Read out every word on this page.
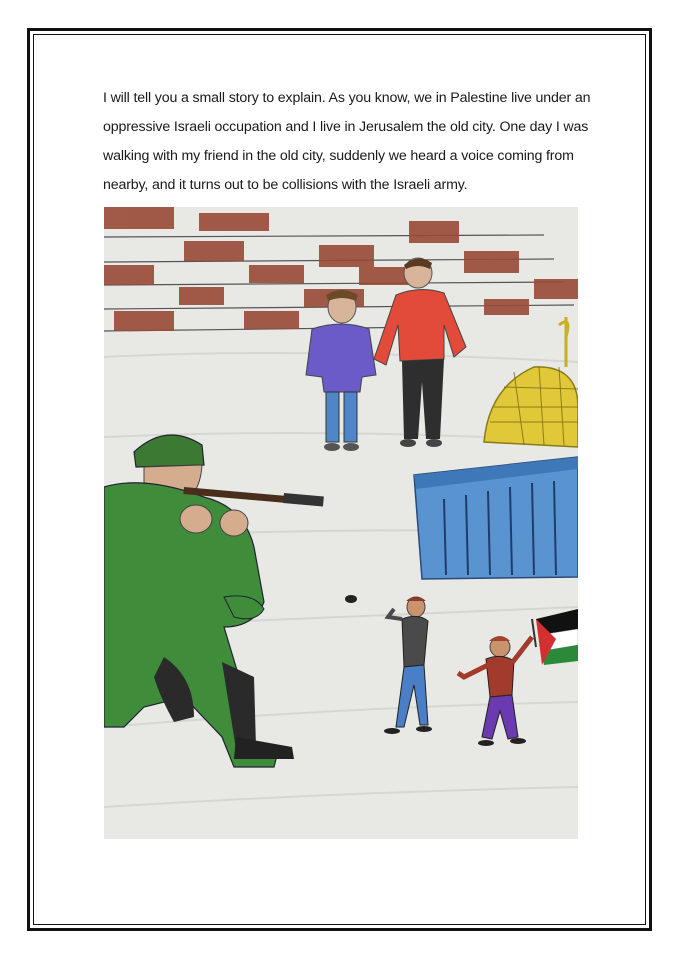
I will tell you a small story to explain. As you know, we in Palestine live under an oppressive Israeli occupation and I live in Jerusalem the old city. One day I was walking with my friend in the old city, suddenly we heard a voice coming from nearby, and it turns out to be collisions with the Israeli army.
